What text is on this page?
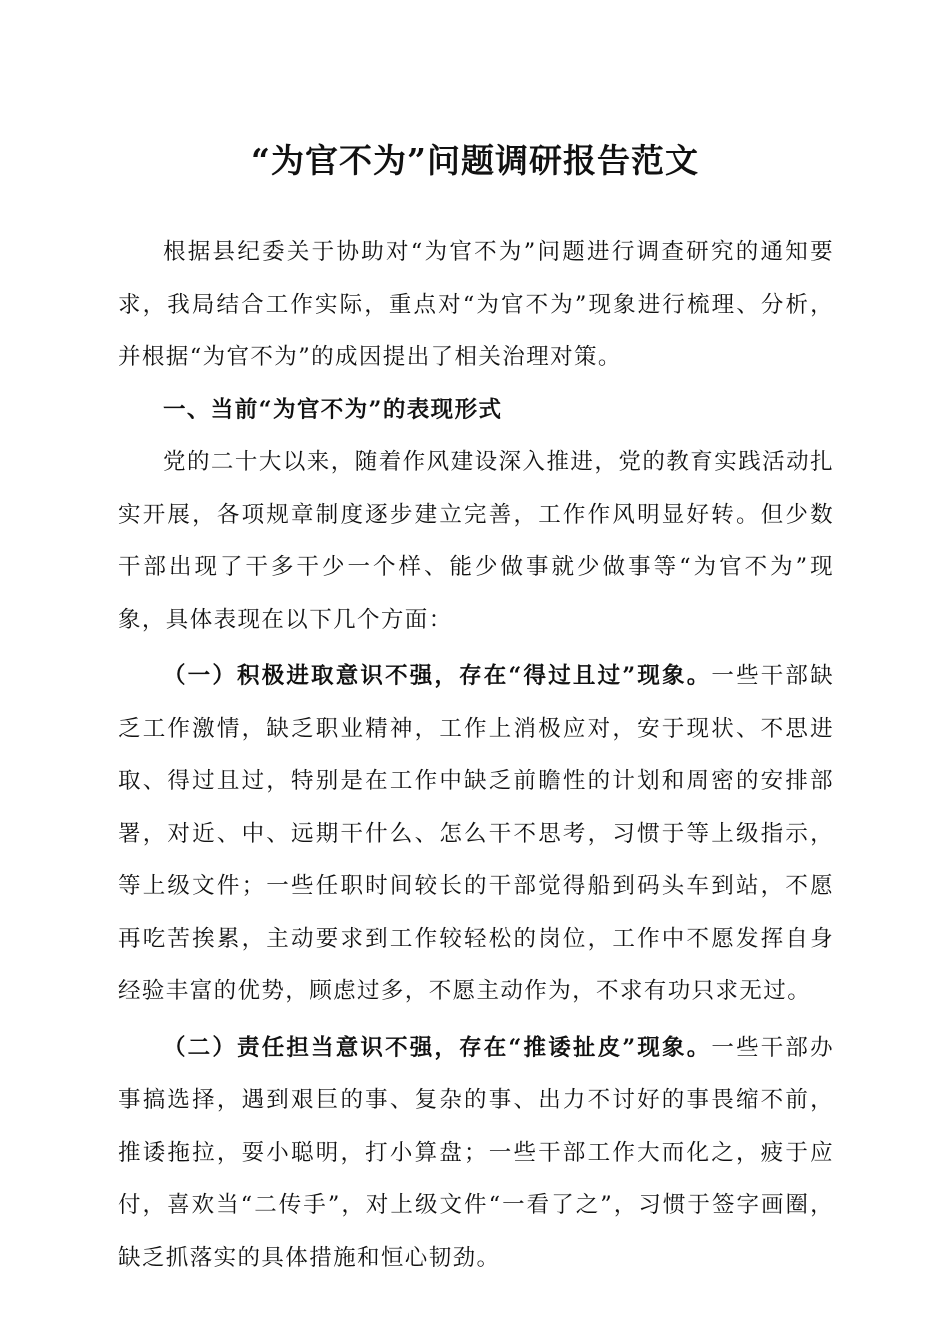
“为官不为”问题调研报告范文

根据县纪委关于协助对“为官不为”问题进行调查研究的通知要求，我局结合工作实际，重点对“为官不为”现象进行梳理、分析，并根据“为官不为”的成因提出了相关治理对策。

一、当前“为官不为”的表现形式

党的二十大以来，随着作风建设深入推进，党的教育实践活动扎实开展，各项规章制度逐步建立完善，工作作风明显好转。但少数干部出现了干多干少一个样、能少做事就少做事等“为官不为”现象，具体表现在以下几个方面：

（一）积极进取意识不强，存在“得过且过”现象。一些干部缺乏工作激情，缺乏职业精神，工作上消极应对，安于现状、不思进取、得过且过，特别是在工作中缺乏前瞻性的计划和周密的安排部署，对近、中、远期干什么、怎么干不思考，习惯于等上级指示，等上级文件；一些任职时间较长的干部觉得船到码头车到站，不愿再吃苦挨累，主动要求到工作较轻松的岗位，工作中不愿发挥自身经验丰富的优势，顾虑过多，不愿主动作为，不求有功只求无过。

（二）责任担当意识不强，存在“推诿扯皮”现象。一些干部办事搞选择，遇到艰巨的事、复杂的事、出力不讨好的事畏缩不前，推诿拖拉，耍小聪明，打小算盘；一些干部工作大而化之，疲于应付，喜欢当“二传手”，对上级文件“一看了之”，习惯于签字画圈，缺乏抓落实的具体措施和恒心韧劲。
